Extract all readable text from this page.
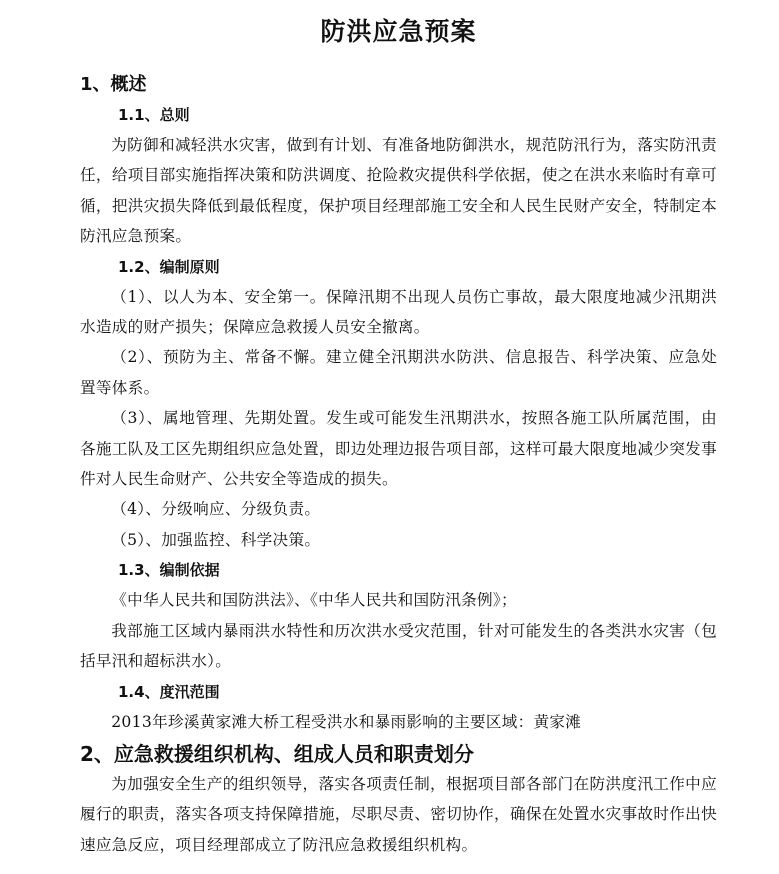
防洪应急预案
1、概述
1.1、总则

为防御和减轻洪水灾害，做到有计划、有准备地防御洪水，规范防汛行为，落实防汛责任，给项目部实施指挥决策和防洪调度、抢险救灾提供科学依据，使之在洪水来临时有章可循，把洪灾损失降低到最低程度，保护项目经理部施工安全和人民生民财产安全，特制定本防汛应急预案。

1.2、编制原则

（1）、以人为本、安全第一。保障汛期不出现人员伤亡事故，最大限度地减少汛期洪水造成的财产损失；保障应急救援人员安全撤离。

（2）、预防为主、常备不懈。建立健全汛期洪水防洪、信息报告、科学决策、应急处置等体系。

（3）、属地管理、先期处置。发生或可能发生汛期洪水，按照各施工队所属范围，由各施工队及工区先期组织应急处置，即边处理边报告项目部，这样可最大限度地减少突发事件对人民生命财产、公共安全等造成的损失。

（4）、分级响应、分级负责。

（5）、加强监控、科学决策。

1.3、编制依据

《中华人民共和国防洪法》、《中华人民共和国防汛条例》；

我部施工区域内暴雨洪水特性和历次洪水受灾范围，针对可能发生的各类洪水灾害（包括早汛和超标洪水）。

1.4、度汛范围

2013年珍溪黄家滩大桥工程受洪水和暴雨影响的主要区域：黄家滩

2、应急救援组织机构、组成人员和职责划分

为加强安全生产的组织领导，落实各项责任制，根据项目部各部门在防洪度汛工作中应履行的职责，落实各项支持保障措施，尽职尽责、密切协作，确保在处置水灾事故时作出快速应急反应，项目经理部成立了防汛应急救援组织机构。
